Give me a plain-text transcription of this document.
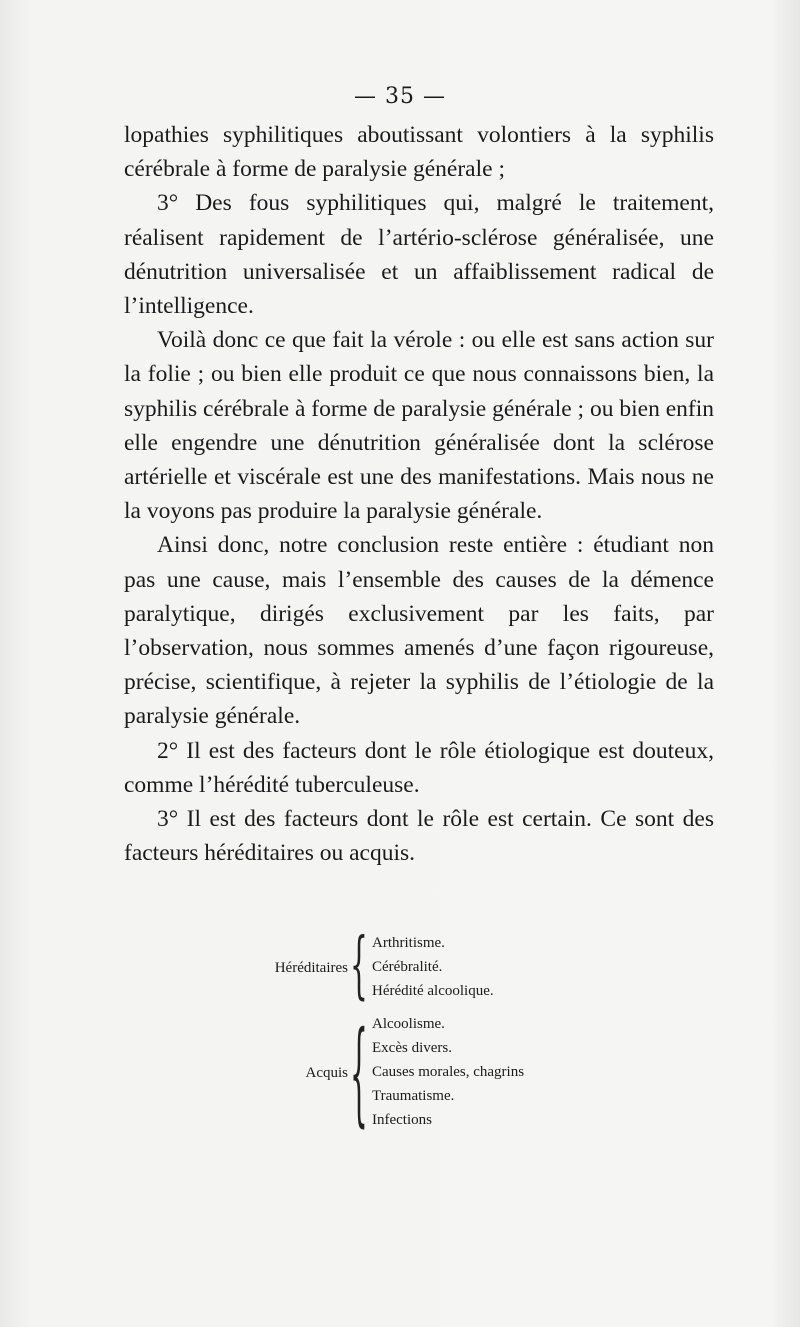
— 35 —

lopathies syphilitiques aboutissant volontiers à la syphilis cérébrale à forme de paralysie générale ;

3° Des fous syphilitiques qui, malgré le traitement, réalisent rapidement de l’artério-sclérose généralisée, une dénutrition universalisée et un affaiblissement radical de l’intelligence.

Voilà donc ce que fait la vérole : ou elle est sans action sur la folie ; ou bien elle produit ce que nous connaissons bien, la syphilis cérébrale à forme de paralysie générale ; ou bien enfin elle engendre une dénutrition généralisée dont la sclérose artérielle et viscérale est une des manifestations. Mais nous ne la voyons pas produire la paralysie générale.

Ainsi donc, notre conclusion reste entière : étudiant non pas une cause, mais l’ensemble des causes de la démence paralytique, dirigés exclusivement par les faits, par l’observation, nous sommes amenés d’une façon rigoureuse, précise, scientifique, à rejeter la syphilis de l’étiologie de la paralysie générale.

2° Il est des facteurs dont le rôle étiologique est douteux, comme l’hérédité tuberculeuse.

3° Il est des facteurs dont le rôle est certain. Ce sont des facteurs héréditaires ou acquis.

Héréditaires { Arthritisme.
Cérébralité.
Hérédité alcoolique.
Acquis { Alcoolisme.
Excès divers.
Causes morales, chagrins
Traumatisme.
Infections
